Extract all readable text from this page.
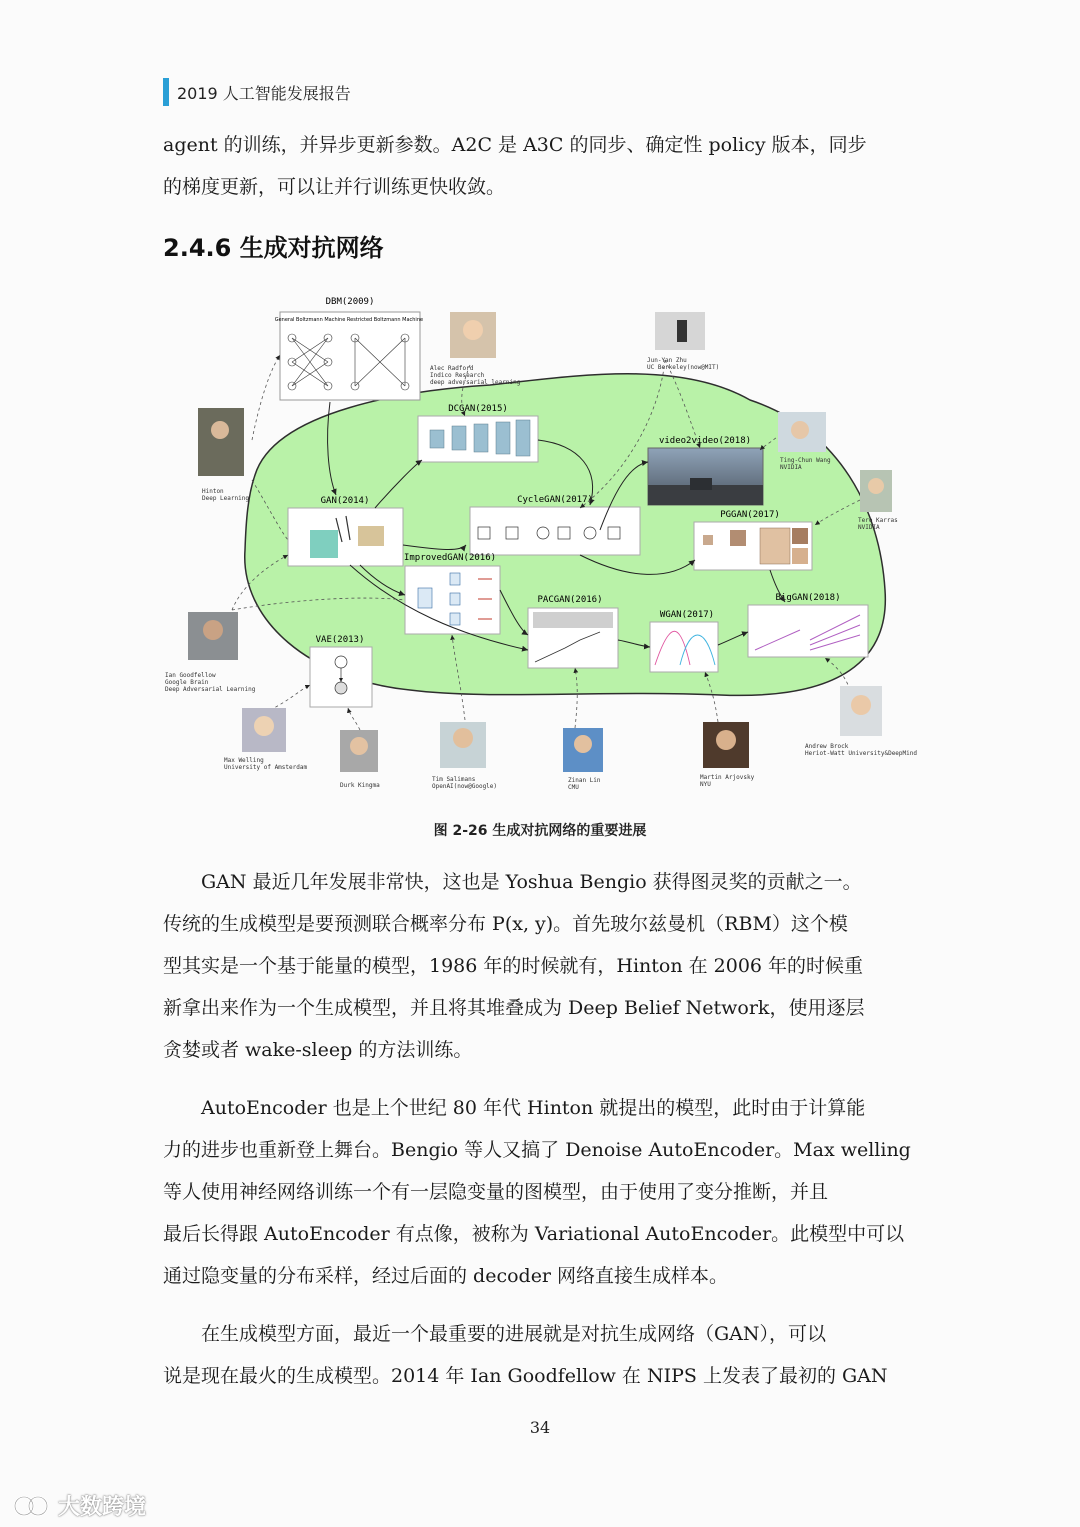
2019 人工智能发展报告
agent 的训练，并异步更新参数。A2C 是 A3C 的同步、确定性 policy 版本，同步
的梯度更新，可以让并行训练更快收敛。
2.4.6 生成对抗网络
DBM(2009)
General Boltzmann Machine Restricted Boltzmann Machine
DCGAN(2015)
video2video(2018)
GAN(2014)	CycleGAN(2017)
PGGAN(2017)
ImprovedGAN(2016)
PACGAN(2016)
WGAN(2017)
BigGAN(2018)
VAE(2013)
Hinton
Deep Learning
Alec Radford
Indico Research
deep adversarial learning
Jun-Yan Zhu
UC Berkeley(now@MIT)
Ting-Chun Wang
NVIDIA
Tero Karras
NVIDIA
Ian Goodfellow
Google Brain
Deep Adversarial Learning
Max Welling
University of Amsterdam
Durk Kingma
Tim Salimans
OpenAI(now@Google)
Zinan Lin
CMU
Martin Arjovsky
NYU
Andrew Brock
Heriot-Watt University&DeepMind
图 2-26 生成对抗网络的重要进展
GAN 最近几年发展非常快，这也是 Yoshua Bengio 获得图灵奖的贡献之一。
传统的生成模型是要预测联合概率分布 P(x, y)。首先玻尔兹曼机（RBM）这个模
型其实是一个基于能量的模型，1986 年的时候就有，Hinton 在 2006 年的时候重
新拿出来作为一个生成模型，并且将其堆叠成为 Deep Belief Network，使用逐层
贪婪或者 wake-sleep 的方法训练。
AutoEncoder 也是上个世纪 80 年代 Hinton 就提出的模型，此时由于计算能
力的进步也重新登上舞台。Bengio 等人又搞了 Denoise AutoEncoder。Max welling
等人使用神经网络训练一个有一层隐变量的图模型，由于使用了变分推断，并且
最后长得跟 AutoEncoder 有点像，被称为 Variational AutoEncoder。此模型中可以
通过隐变量的分布采样，经过后面的 decoder 网络直接生成样本。
在生成模型方面，最近一个最重要的进展就是对抗生成网络（GAN），可以
说是现在最火的生成模型。2014 年 Ian Goodfellow 在 NIPS 上发表了最初的 GAN
34
大数跨境
